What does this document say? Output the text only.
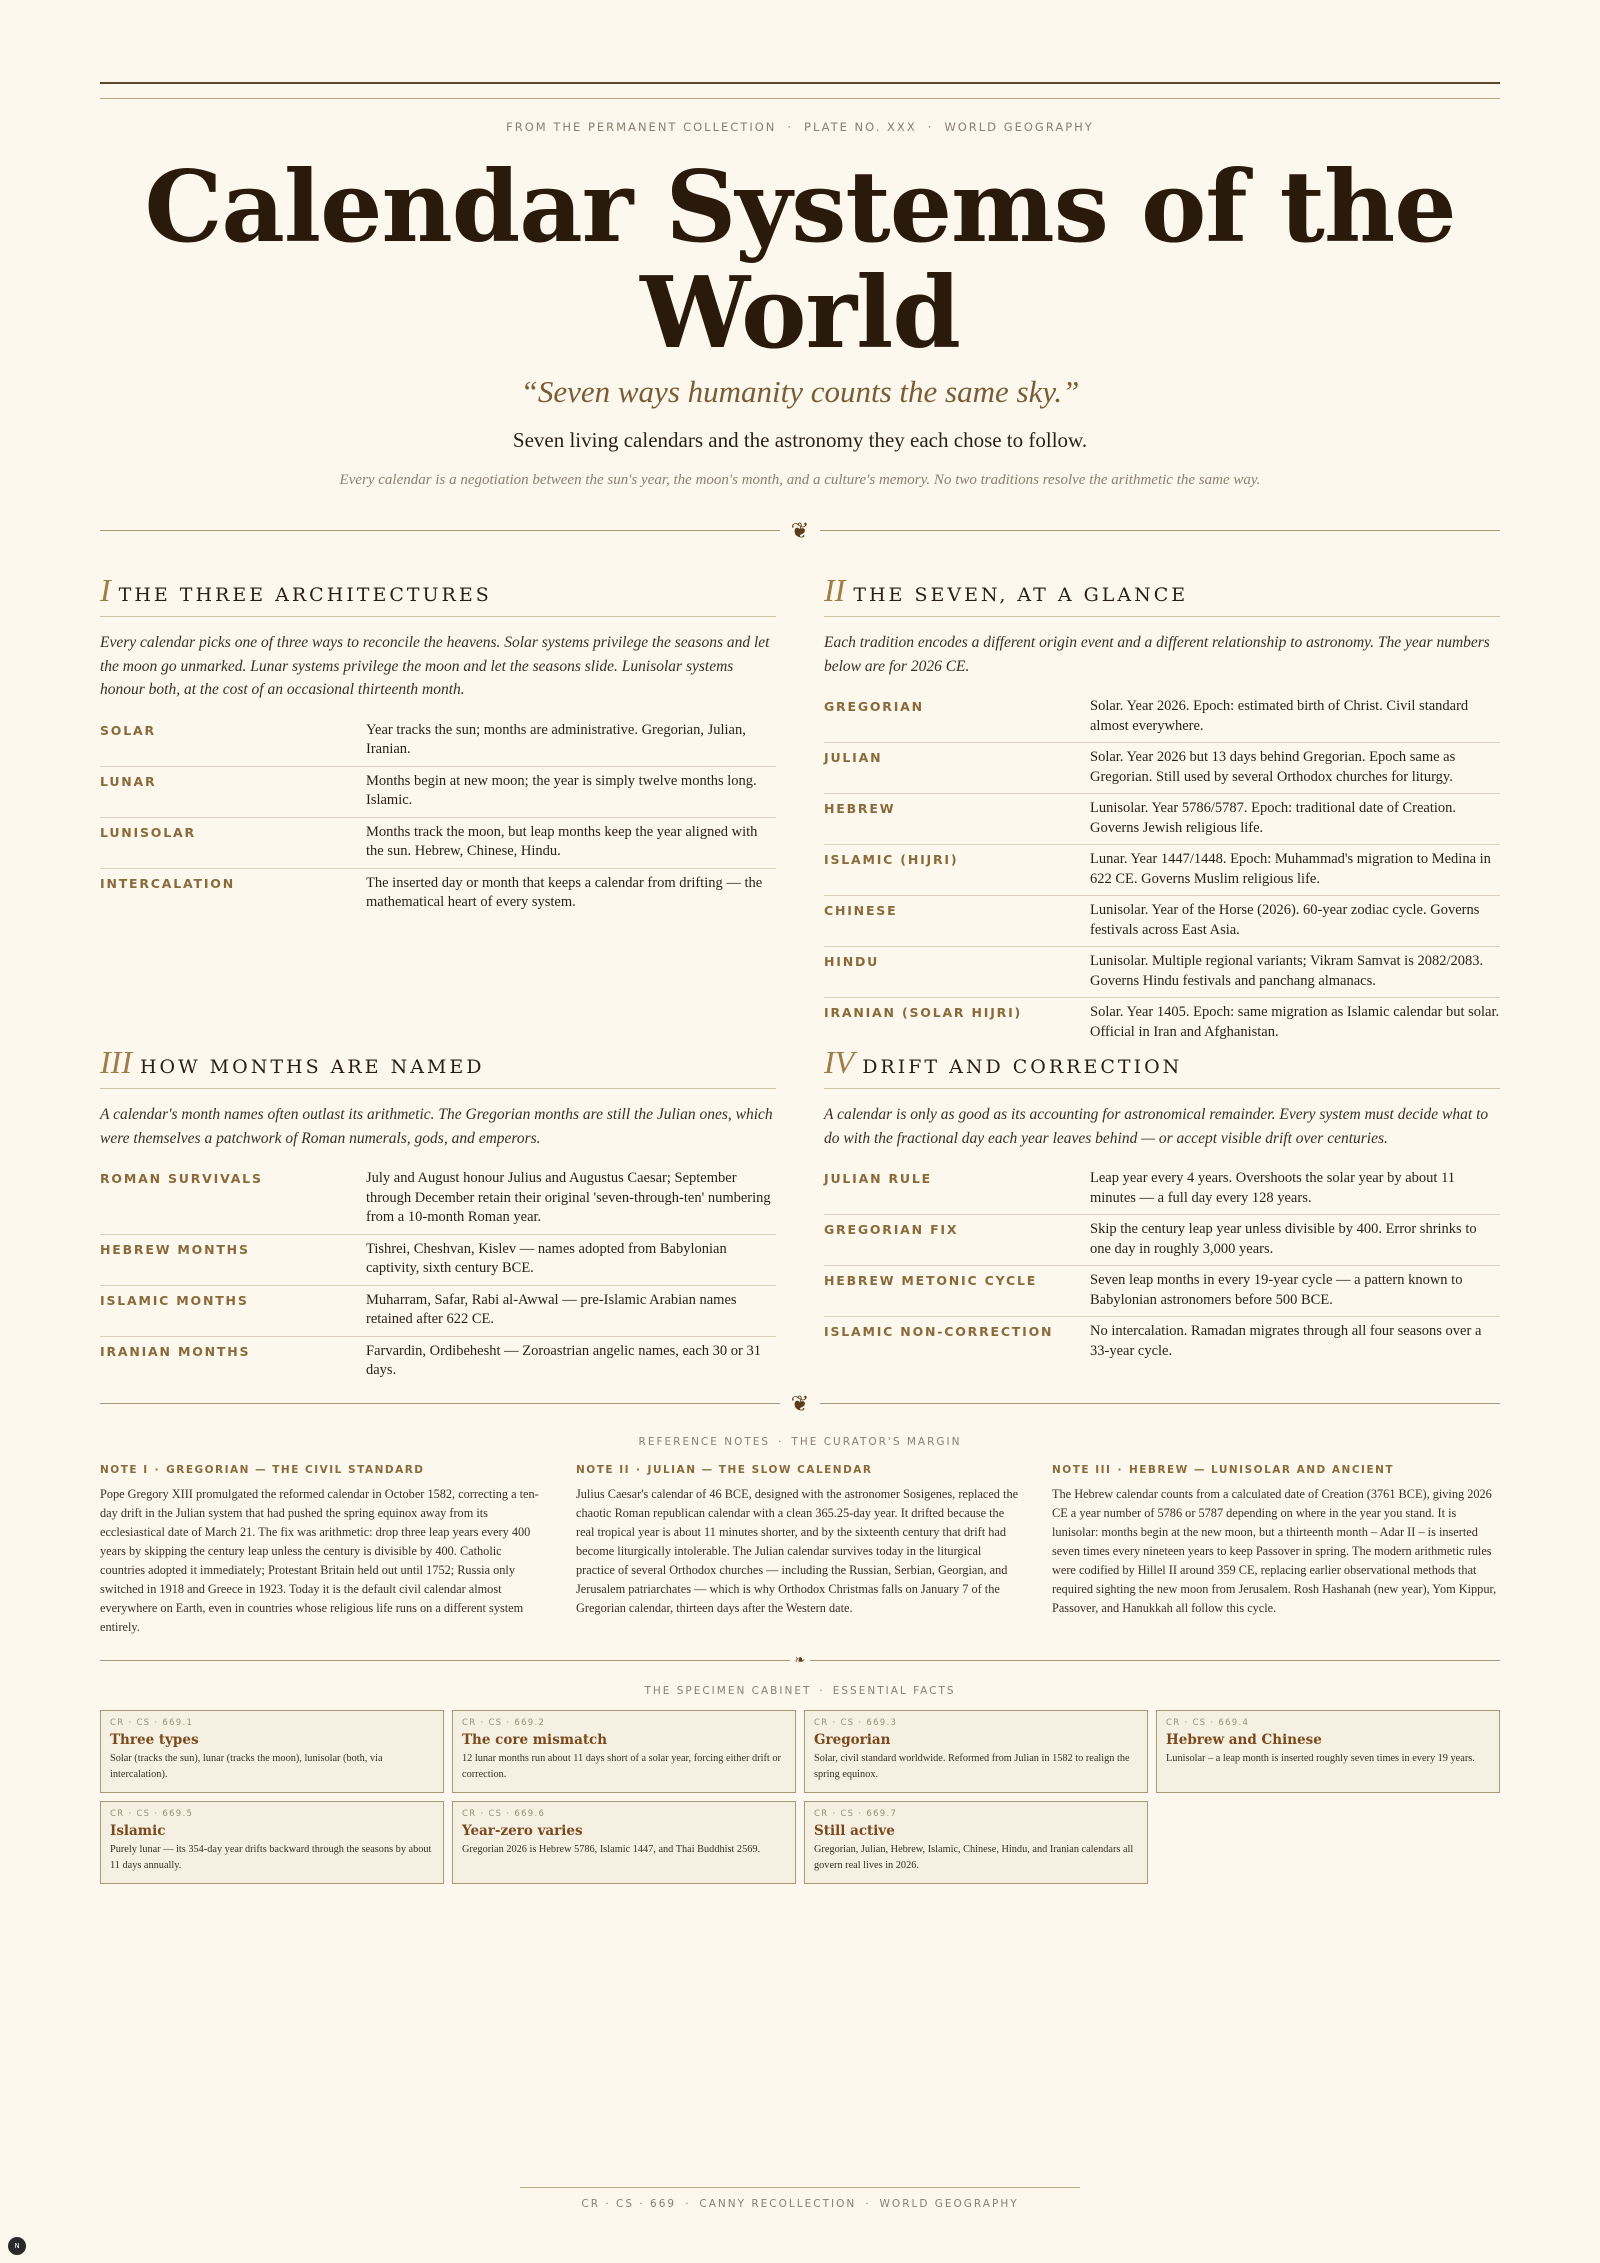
FROM THE PERMANENT COLLECTION · PLATE NO. XXX · WORLD GEOGRAPHY
Calendar Systems of the
World
“Seven ways humanity counts the same sky.”
Seven living calendars and the astronomy they each chose to follow.
Every calendar is a negotiation between the sun's year, the moon's month, and a culture's memory. No two traditions resolve the arithmetic the same way.
❦
I THE THREE ARCHITECTURES

Every calendar picks one of three ways to reconcile the heavens. Solar systems privilege the seasons and let the moon go unmarked. Lunar systems privilege the moon and let the seasons slide. Lunisolar systems honour both, at the cost of an occasional thirteenth month.

SOLAR	Year tracks the sun; months are administrative. Gregorian, Julian, Iranian.
LUNAR	Months begin at new moon; the year is simply twelve months long. Islamic.
LUNISOLAR	Months track the moon, but leap months keep the year aligned with the sun. Hebrew, Chinese, Hindu.
INTERCALATION	The inserted day or month that keeps a calendar from drifting — the mathematical heart of every system.
II THE SEVEN, AT A GLANCE

Each tradition encodes a different origin event and a different relationship to astronomy. The year numbers below are for 2026 CE.

GREGORIAN	Solar. Year 2026. Epoch: estimated birth of Christ. Civil standard almost everywhere.
JULIAN	Solar. Year 2026 but 13 days behind Gregorian. Epoch same as Gregorian. Still used by several Orthodox churches for liturgy.
HEBREW	Lunisolar. Year 5786/5787. Epoch: traditional date of Creation. Governs Jewish religious life.
ISLAMIC (HIJRI)	Lunar. Year 1447/1448. Epoch: Muhammad's migration to Medina in 622 CE. Governs Muslim religious life.
CHINESE	Lunisolar. Year of the Horse (2026). 60-year zodiac cycle. Governs festivals across East Asia.
HINDU	Lunisolar. Multiple regional variants; Vikram Samvat is 2082/2083. Governs Hindu festivals and panchang almanacs.
IRANIAN (SOLAR HIJRI)	Solar. Year 1405. Epoch: same migration as Islamic calendar but solar. Official in Iran and Afghanistan.
III HOW MONTHS ARE NAMED

A calendar's month names often outlast its arithmetic. The Gregorian months are still the Julian ones, which were themselves a patchwork of Roman numerals, gods, and emperors.

ROMAN SURVIVALS	July and August honour Julius and Augustus Caesar; September through December retain their original 'seven-through-ten' numbering from a 10-month Roman year.
HEBREW MONTHS	Tishrei, Cheshvan, Kislev — names adopted from Babylonian captivity, sixth century BCE.
ISLAMIC MONTHS	Muharram, Safar, Rabi al-Awwal — pre-Islamic Arabian names retained after 622 CE.
IRANIAN MONTHS	Farvardin, Ordibehesht — Zoroastrian angelic names, each 30 or 31 days.
IV DRIFT AND CORRECTION

A calendar is only as good as its accounting for astronomical remainder. Every system must decide what to do with the fractional day each year leaves behind — or accept visible drift over centuries.

JULIAN RULE	Leap year every 4 years. Overshoots the solar year by about 11 minutes — a full day every 128 years.
GREGORIAN FIX	Skip the century leap year unless divisible by 400. Error shrinks to one day in roughly 3,000 years.
HEBREW METONIC CYCLE	Seven leap months in every 19-year cycle — a pattern known to Babylonian astronomers before 500 BCE.
ISLAMIC NON-CORRECTION	No intercalation. Ramadan migrates through all four seasons over a 33-year cycle.
❦
REFERENCE NOTES · THE CURATOR'S MARGIN
NOTE I · GREGORIAN — THE CIVIL STANDARD

Pope Gregory XIII promulgated the reformed calendar in October 1582, correcting a ten-day drift in the Julian system that had pushed the spring equinox away from its ecclesiastical date of March 21. The fix was arithmetic: drop three leap years every 400 years by skipping the century leap unless the century is divisible by 400. Catholic countries adopted it immediately; Protestant Britain held out until 1752; Russia only switched in 1918 and Greece in 1923. Today it is the default civil calendar almost everywhere on Earth, even in countries whose religious life runs on a different system entirely.

NOTE II · JULIAN — THE SLOW CALENDAR

Julius Caesar's calendar of 46 BCE, designed with the astronomer Sosigenes, replaced the chaotic Roman republican calendar with a clean 365.25-day year. It drifted because the real tropical year is about 11 minutes shorter, and by the sixteenth century that drift had become liturgically intolerable. The Julian calendar survives today in the liturgical practice of several Orthodox churches — including the Russian, Serbian, Georgian, and Jerusalem patriarchates — which is why Orthodox Christmas falls on January 7 of the Gregorian calendar, thirteen days after the Western date.

NOTE III · HEBREW — LUNISOLAR AND ANCIENT

The Hebrew calendar counts from a calculated date of Creation (3761 BCE), giving 2026 CE a year number of 5786 or 5787 depending on where in the year you stand. It is lunisolar: months begin at the new moon, but a thirteenth month – Adar II – is inserted seven times every nineteen years to keep Passover in spring. The modern arithmetic rules were codified by Hillel II around 359 CE, replacing earlier observational methods that required sighting the new moon from Jerusalem. Rosh Hashanah (new year), Yom Kippur, Passover, and Hanukkah all follow this cycle.

❧
THE SPECIMEN CABINET · ESSENTIAL FACTS
CR · CS · 669.1
Three types
Solar (tracks the sun), lunar (tracks the moon), lunisolar (both, via intercalation).
CR · CS · 669.2
The core mismatch
12 lunar months run about 11 days short of a solar year, forcing either drift or correction.
CR · CS · 669.3
Gregorian
Solar, civil standard worldwide. Reformed from Julian in 1582 to realign the spring equinox.
CR · CS · 669.4
Hebrew and Chinese
Lunisolar – a leap month is inserted roughly seven times in every 19 years.
CR · CS · 669.5
Islamic
Purely lunar — its 354-day year drifts backward through the seasons by about 11 days annually.
CR · CS · 669.6
Year-zero varies
Gregorian 2026 is Hebrew 5786, Islamic 1447, and Thai Buddhist 2569.
CR · CS · 669.7
Still active
Gregorian, Julian, Hebrew, Islamic, Chinese, Hindu, and Iranian calendars all govern real lives in 2026.
CR · CS · 669 · CANNY RECOLLECTION · WORLD GEOGRAPHY
N
